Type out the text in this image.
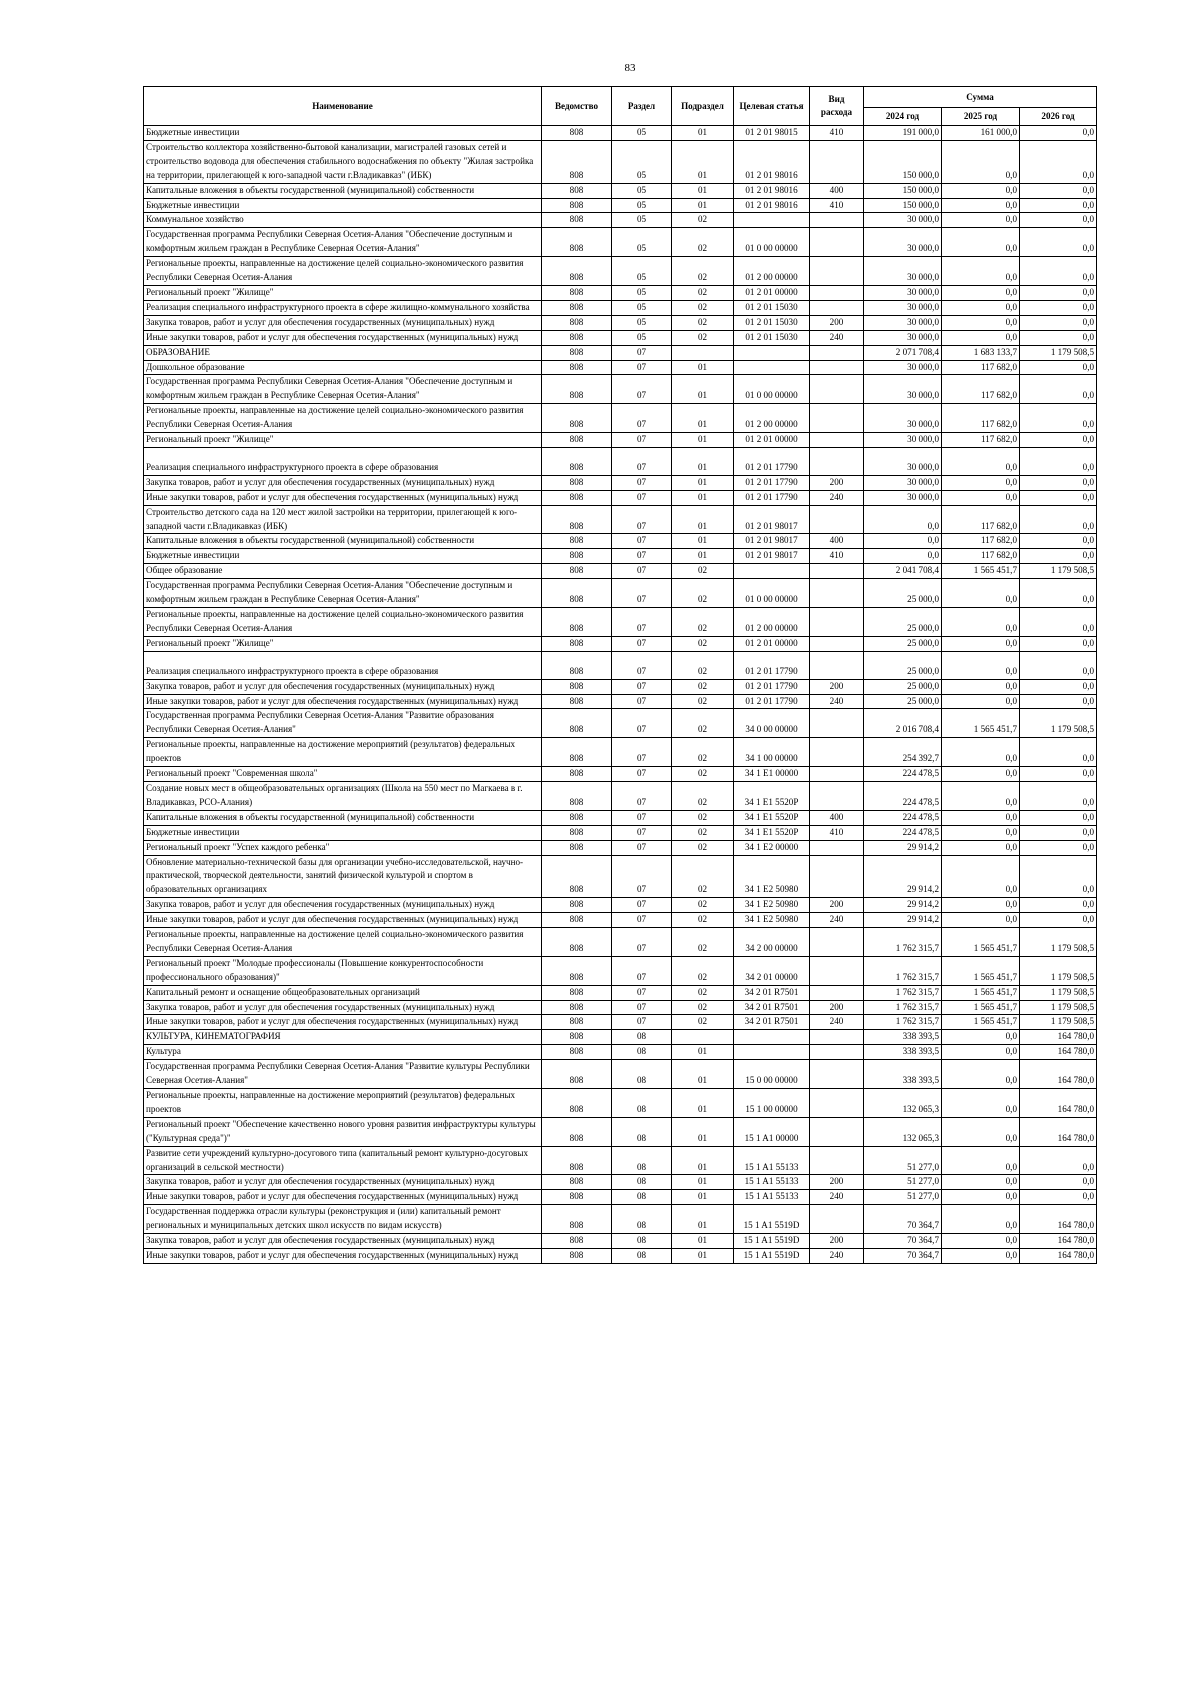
83
Наименование	Ведомство	Раздел	Подраздел	Целевая статья	Вид расхода	Сумма		
						2024 год	2025 год	2026 год
Бюджетные инвестиции	808	05	01	01 2 01 98015	410	191 000,0	161 000,0	0,0
Строительство коллектора хозяйственно-бытовой канализации, магистралей газовых сетей и строительство водовода для обеспечения стабильного водоснабжения по объекту "Жилая застройка на территории, прилегающей к юго-западной части г.Владикавказ" (ИБК)	808	05	01	01 2 01 98016		150 000,0	0,0	0,0
Капитальные вложения в объекты государственной (муниципальной) собственности	808	05	01	01 2 01 98016	400	150 000,0	0,0	0,0
Бюджетные инвестиции	808	05	01	01 2 01 98016	410	150 000,0	0,0	0,0
Коммунальное хозяйство	808	05	02			30 000,0	0,0	0,0
Государственная программа Республики Северная Осетия-Алания "Обеспечение доступным и комфортным жильем граждан в Республике Северная Осетия-Алания"	808	05	02	01 0 00 00000		30 000,0	0,0	0,0
Региональные проекты, направленные на достижение целей социально-экономического развития Республики Северная Осетия-Алания	808	05	02	01 2 00 00000		30 000,0	0,0	0,0
Региональный проект "Жилище"	808	05	02	01 2 01 00000		30 000,0	0,0	0,0
Реализация специального инфраструктурного проекта в сфере жилищно-коммунального хозяйства	808	05	02	01 2 01 15030		30 000,0	0,0	0,0
Закупка товаров, работ и услуг для обеспечения государственных (муниципальных) нужд	808	05	02	01 2 01 15030	200	30 000,0	0,0	0,0
Иные закупки товаров, работ и услуг для обеспечения государственных (муниципальных) нужд	808	05	02	01 2 01 15030	240	30 000,0	0,0	0,0
ОБРАЗОВАНИЕ	808	07				2 071 708,4	1 683 133,7	1 179 508,5
Дошкольное образование	808	07	01			30 000,0	117 682,0	0,0
Государственная программа Республики Северная Осетия-Алания "Обеспечение доступным и комфортным жильем граждан в Республике Северная Осетия-Алания"	808	07	01	01 0 00 00000		30 000,0	117 682,0	0,0
Региональные проекты, направленные на достижение целей социально-экономического развития Республики Северная Осетия-Алания	808	07	01	01 2 00 00000		30 000,0	117 682,0	0,0
Региональный проект "Жилище"	808	07	01	01 2 01 00000		30 000,0	117 682,0	0,0
Реализация специального инфраструктурного проекта в сфере образования	808	07	01	01 2 01 17790		30 000,0	0,0	0,0
Закупка товаров, работ и услуг для обеспечения государственных (муниципальных) нужд	808	07	01	01 2 01 17790	200	30 000,0	0,0	0,0
Иные закупки товаров, работ и услуг для обеспечения государственных (муниципальных) нужд	808	07	01	01 2 01 17790	240	30 000,0	0,0	0,0
Строительство детского сада на 120 мест жилой застройки на территории, прилегающей к юго-западной части г.Владикавказ (ИБК)	808	07	01	01 2 01 98017		0,0	117 682,0	0,0
Капитальные вложения в объекты государственной (муниципальной) собственности	808	07	01	01 2 01 98017	400	0,0	117 682,0	0,0
Бюджетные инвестиции	808	07	01	01 2 01 98017	410	0,0	117 682,0	0,0
Общее образование	808	07	02			2 041 708,4	1 565 451,7	1 179 508,5
Государственная программа Республики Северная Осетия-Алания "Обеспечение доступным и комфортным жильем граждан в Республике Северная Осетия-Алания"	808	07	02	01 0 00 00000		25 000,0	0,0	0,0
Региональные проекты, направленные на достижение целей социально-экономического развития Республики Северная Осетия-Алания	808	07	02	01 2 00 00000		25 000,0	0,0	0,0
Региональный проект "Жилище"	808	07	02	01 2 01 00000		25 000,0	0,0	0,0
Реализация специального инфраструктурного проекта в сфере образования	808	07	02	01 2 01 17790		25 000,0	0,0	0,0
Закупка товаров, работ и услуг для обеспечения государственных (муниципальных) нужд	808	07	02	01 2 01 17790	200	25 000,0	0,0	0,0
Иные закупки товаров, работ и услуг для обеспечения государственных (муниципальных) нужд	808	07	02	01 2 01 17790	240	25 000,0	0,0	0,0
Государственная программа Республики Северная Осетия-Алания "Развитие образования Республики Северная Осетия-Алания"	808	07	02	34 0 00 00000		2 016 708,4	1 565 451,7	1 179 508,5
Региональные проекты, направленные на достижение мероприятий (результатов) федеральных проектов	808	07	02	34 1 00 00000		254 392,7	0,0	0,0
Региональный проект "Современная школа"	808	07	02	34 1 E1 00000		224 478,5	0,0	0,0
Создание новых мест в общеобразовательных организациях (Школа на 550 мест по Магкаева в г. Владикавказ, РСО-Алания)	808	07	02	34 1 E1 5520P		224 478,5	0,0	0,0
Капитальные вложения в объекты государственной (муниципальной) собственности	808	07	02	34 1 E1 5520P	400	224 478,5	0,0	0,0
Бюджетные инвестиции	808	07	02	34 1 E1 5520P	410	224 478,5	0,0	0,0
Региональный проект "Успех каждого ребенка"	808	07	02	34 1 E2 00000		29 914,2	0,0	0,0
Обновление материально-технической базы для организации учебно-исследовательской, научно-практической, творческой деятельности, занятий физической культурой и спортом в образовательных организациях	808	07	02	34 1 E2 50980		29 914,2	0,0	0,0
Закупка товаров, работ и услуг для обеспечения государственных (муниципальных) нужд	808	07	02	34 1 E2 50980	200	29 914,2	0,0	0,0
Иные закупки товаров, работ и услуг для обеспечения государственных (муниципальных) нужд	808	07	02	34 1 E2 50980	240	29 914,2	0,0	0,0
Региональные проекты, направленные на достижение целей социально-экономического развития Республики Северная Осетия-Алания	808	07	02	34 2 00 00000		1 762 315,7	1 565 451,7	1 179 508,5
Региональный проект "Молодые профессионалы (Повышение конкурентоспособности профессионального образования)"	808	07	02	34 2 01 00000		1 762 315,7	1 565 451,7	1 179 508,5
Капитальный ремонт и оснащение общеобразовательных организаций	808	07	02	34 2 01 R7501		1 762 315,7	1 565 451,7	1 179 508,5
Закупка товаров, работ и услуг для обеспечения государственных (муниципальных) нужд	808	07	02	34 2 01 R7501	200	1 762 315,7	1 565 451,7	1 179 508,5
Иные закупки товаров, работ и услуг для обеспечения государственных (муниципальных) нужд	808	07	02	34 2 01 R7501	240	1 762 315,7	1 565 451,7	1 179 508,5
КУЛЬТУРА, КИНЕМАТОГРАФИЯ	808	08				338 393,5	0,0	164 780,0
Культура	808	08	01			338 393,5	0,0	164 780,0
Государственная программа Республики Северная Осетия-Алания "Развитие культуры Республики Северная Осетия-Алания"	808	08	01	15 0 00 00000		338 393,5	0,0	164 780,0
Региональные проекты, направленные на достижение мероприятий (результатов) федеральных проектов	808	08	01	15 1 00 00000		132 065,3	0,0	164 780,0
Региональный проект "Обеспечение качественно нового уровня развития инфраструктуры культуры ("Культурная среда")"	808	08	01	15 1 A1 00000		132 065,3	0,0	164 780,0
Развитие сети учреждений культурно-досугового типа (капитальный ремонт культурно-досуговых организаций в сельской местности)	808	08	01	15 1 A1 55133		51 277,0	0,0	0,0
Закупка товаров, работ и услуг для обеспечения государственных (муниципальных) нужд	808	08	01	15 1 A1 55133	200	51 277,0	0,0	0,0
Иные закупки товаров, работ и услуг для обеспечения государственных (муниципальных) нужд	808	08	01	15 1 A1 55133	240	51 277,0	0,0	0,0
Государственная поддержка отрасли культуры (реконструкция и (или) капитальный ремонт региональных и муниципальных детских школ искусств по видам искусств)	808	08	01	15 1 A1 5519D		70 364,7	0,0	164 780,0
Закупка товаров, работ и услуг для обеспечения государственных (муниципальных) нужд	808	08	01	15 1 A1 5519D	200	70 364,7	0,0	164 780,0
Иные закупки товаров, работ и услуг для обеспечения государственных (муниципальных) нужд	808	08	01	15 1 A1 5519D	240	70 364,7	0,0	164 780,0
